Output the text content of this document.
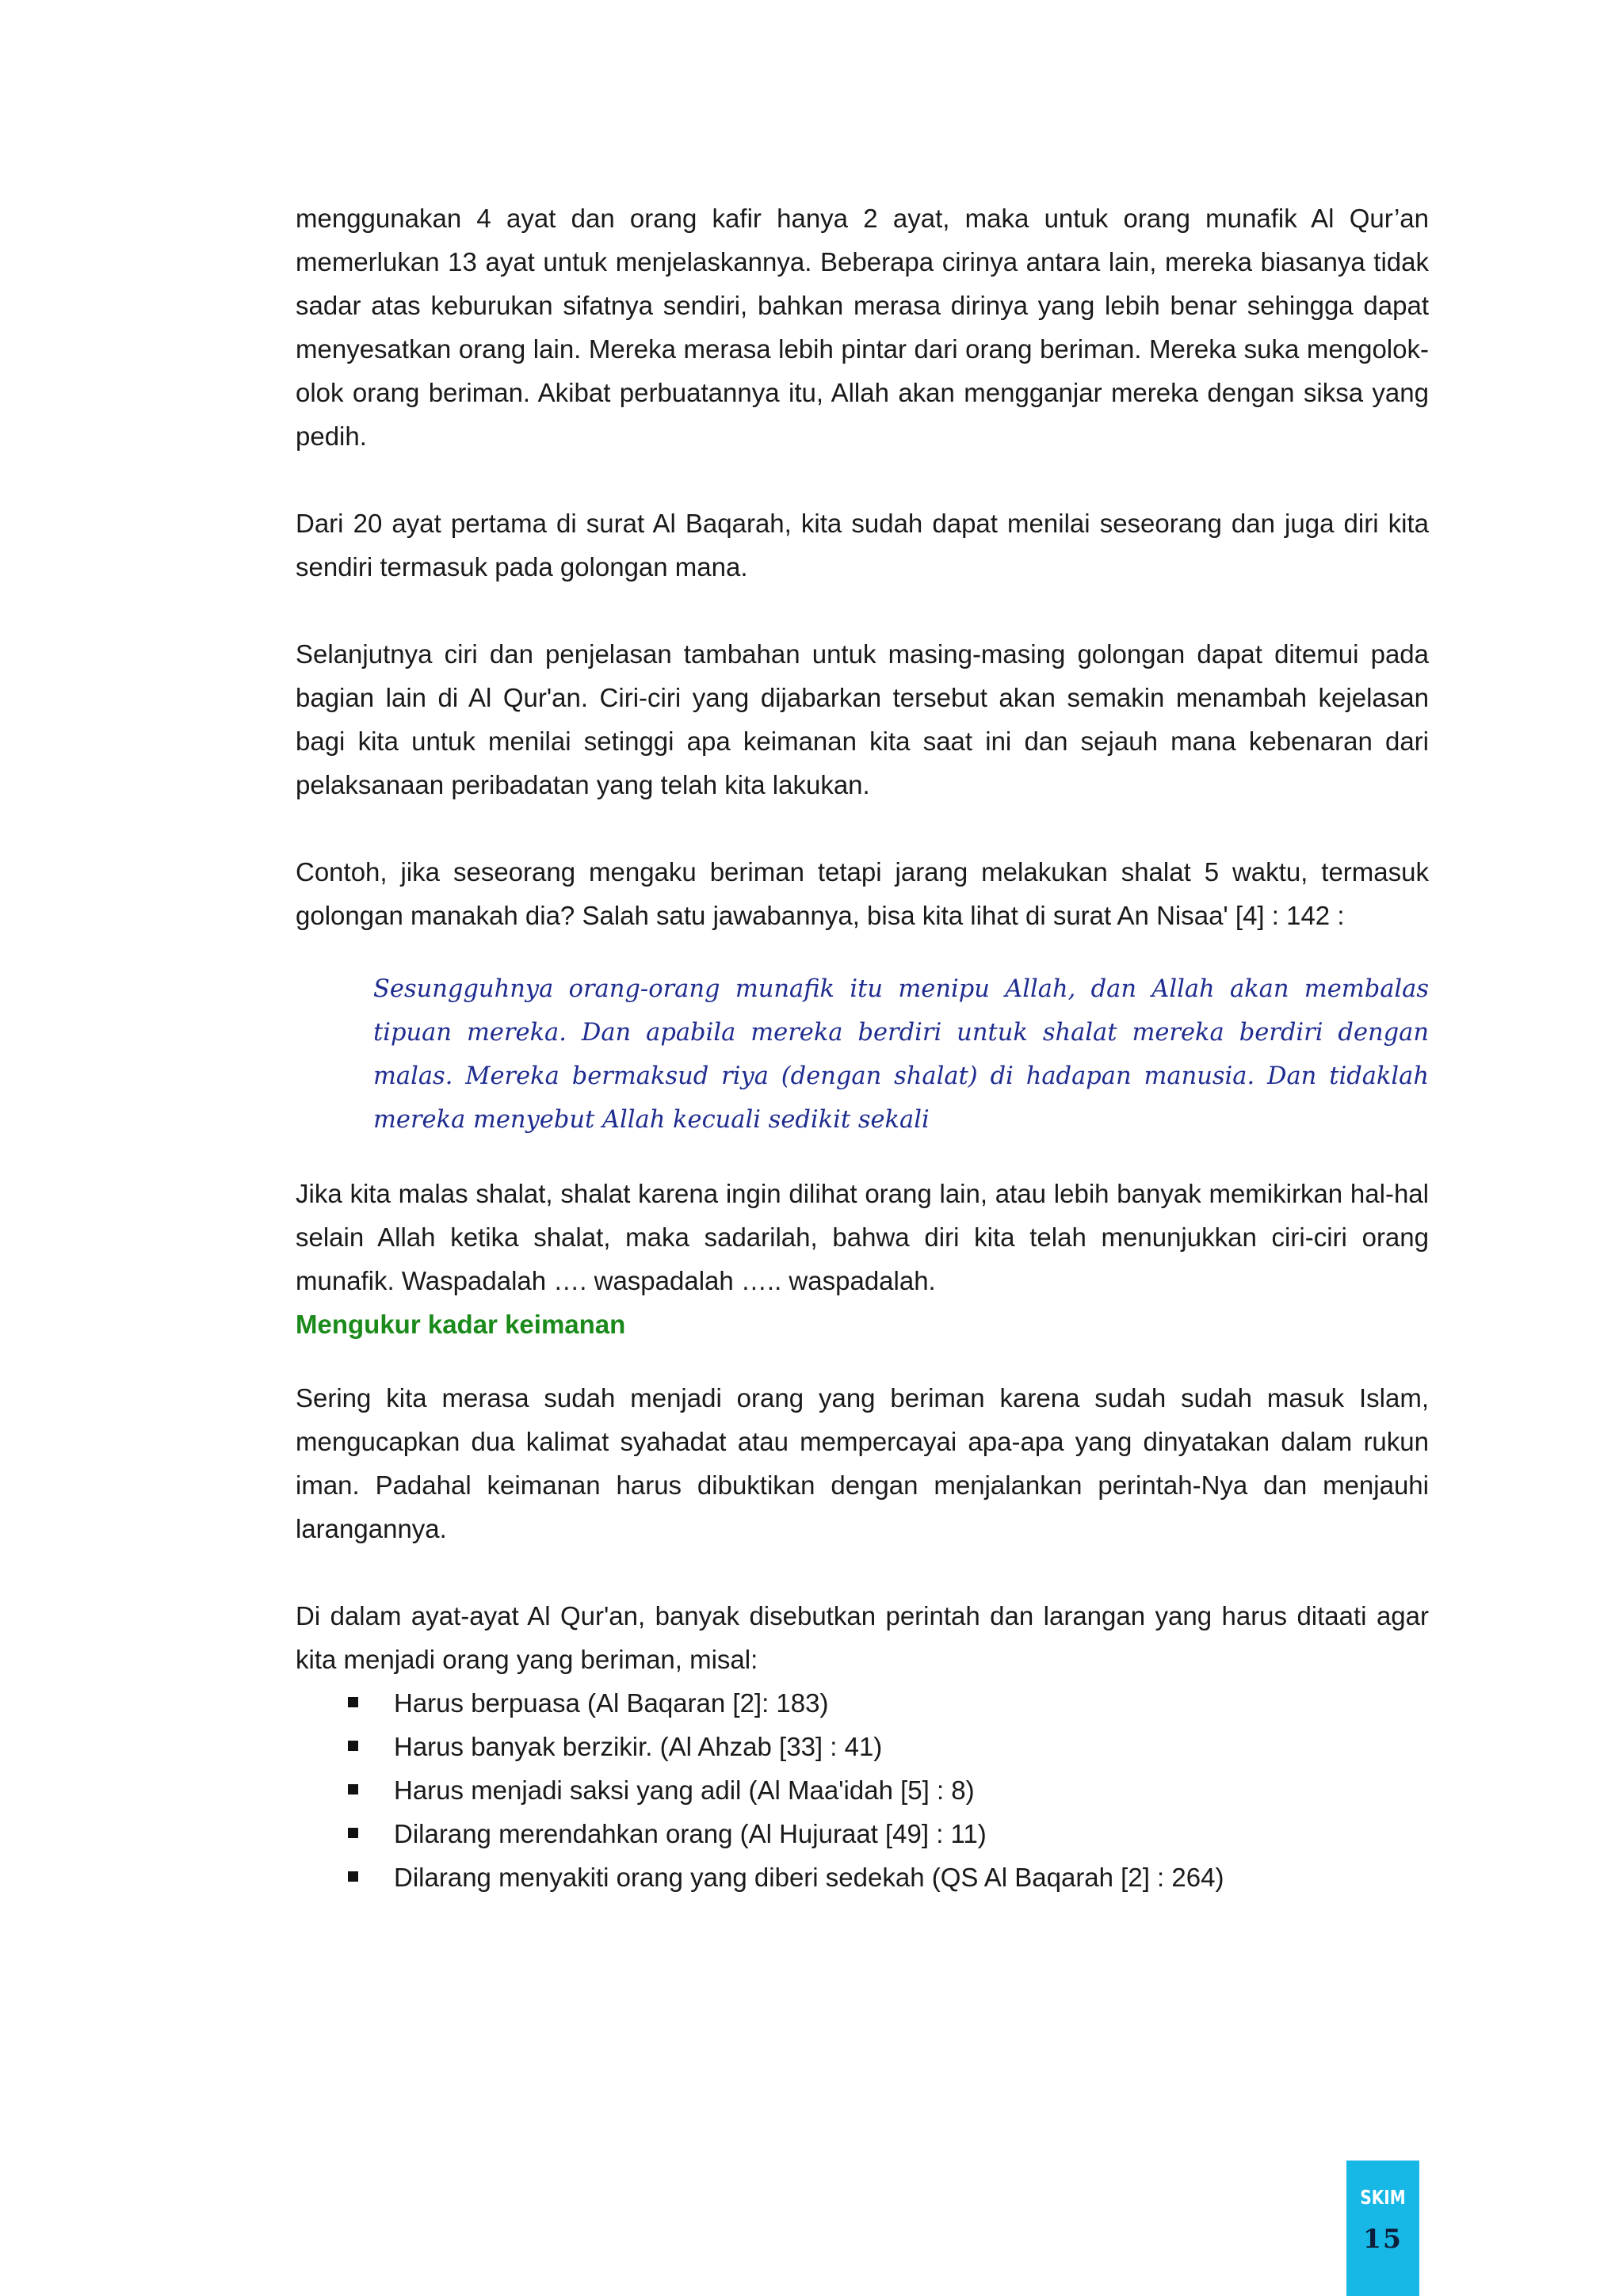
menggunakan 4 ayat dan orang kafir hanya 2 ayat, maka untuk orang munafik Al Qur’an memerlukan 13 ayat untuk menjelaskannya. Beberapa cirinya antara lain, mereka biasanya tidak sadar atas keburukan sifatnya sendiri, bahkan merasa dirinya yang lebih benar sehingga dapat menyesatkan orang lain. Mereka merasa lebih pintar dari orang beriman. Mereka suka mengolok-olok orang beriman. Akibat perbuatannya itu, Allah akan mengganjar mereka dengan siksa yang pedih.

Dari 20 ayat pertama di surat Al Baqarah, kita sudah dapat menilai seseorang dan juga diri kita sendiri termasuk pada golongan mana.

Selanjutnya ciri dan penjelasan tambahan untuk masing-masing golongan dapat ditemui pada bagian lain di Al Qur'an. Ciri-ciri yang dijabarkan tersebut akan semakin menambah kejelasan bagi kita untuk menilai setinggi apa keimanan kita saat ini dan sejauh mana kebenaran dari pelaksanaan peribadatan yang telah kita lakukan.

Contoh, jika seseorang mengaku beriman tetapi jarang melakukan shalat 5 waktu, termasuk golongan manakah dia? Salah satu jawabannya, bisa kita lihat di surat An Nisaa' [4] : 142 :

Sesungguhnya orang-orang munafik itu menipu Allah, dan Allah akan membalas tipuan mereka. Dan apabila mereka berdiri untuk shalat mereka berdiri dengan malas. Mereka bermaksud riya (dengan shalat) di hadapan manusia. Dan tidaklah mereka menyebut Allah kecuali sedikit sekali

Jika kita malas shalat, shalat karena ingin dilihat orang lain, atau lebih banyak memikirkan hal-hal selain Allah ketika shalat, maka sadarilah, bahwa diri kita telah menunjukkan ciri-ciri orang munafik. Waspadalah …. waspadalah ….. waspadalah.

Mengukur kadar keimanan

Sering kita merasa sudah menjadi orang yang beriman karena sudah sudah masuk Islam, mengucapkan dua kalimat syahadat atau mempercayai apa-apa yang dinyatakan dalam rukun iman. Padahal keimanan harus dibuktikan dengan menjalankan perintah-Nya dan menjauhi larangannya.

Di dalam ayat-ayat Al Qur'an, banyak disebutkan perintah dan larangan yang harus ditaati agar kita menjadi orang yang beriman, misal:

Harus berpuasa (Al Baqaran [2]: 183)
Harus banyak berzikir. (Al Ahzab [33] : 41)
Harus menjadi saksi yang adil (Al Maa'idah [5] : 8)
Dilarang merendahkan orang (Al Hujuraat [49] : 11)
Dilarang menyakiti orang yang diberi sedekah (QS Al Baqarah [2] : 264)
SKIM
15
